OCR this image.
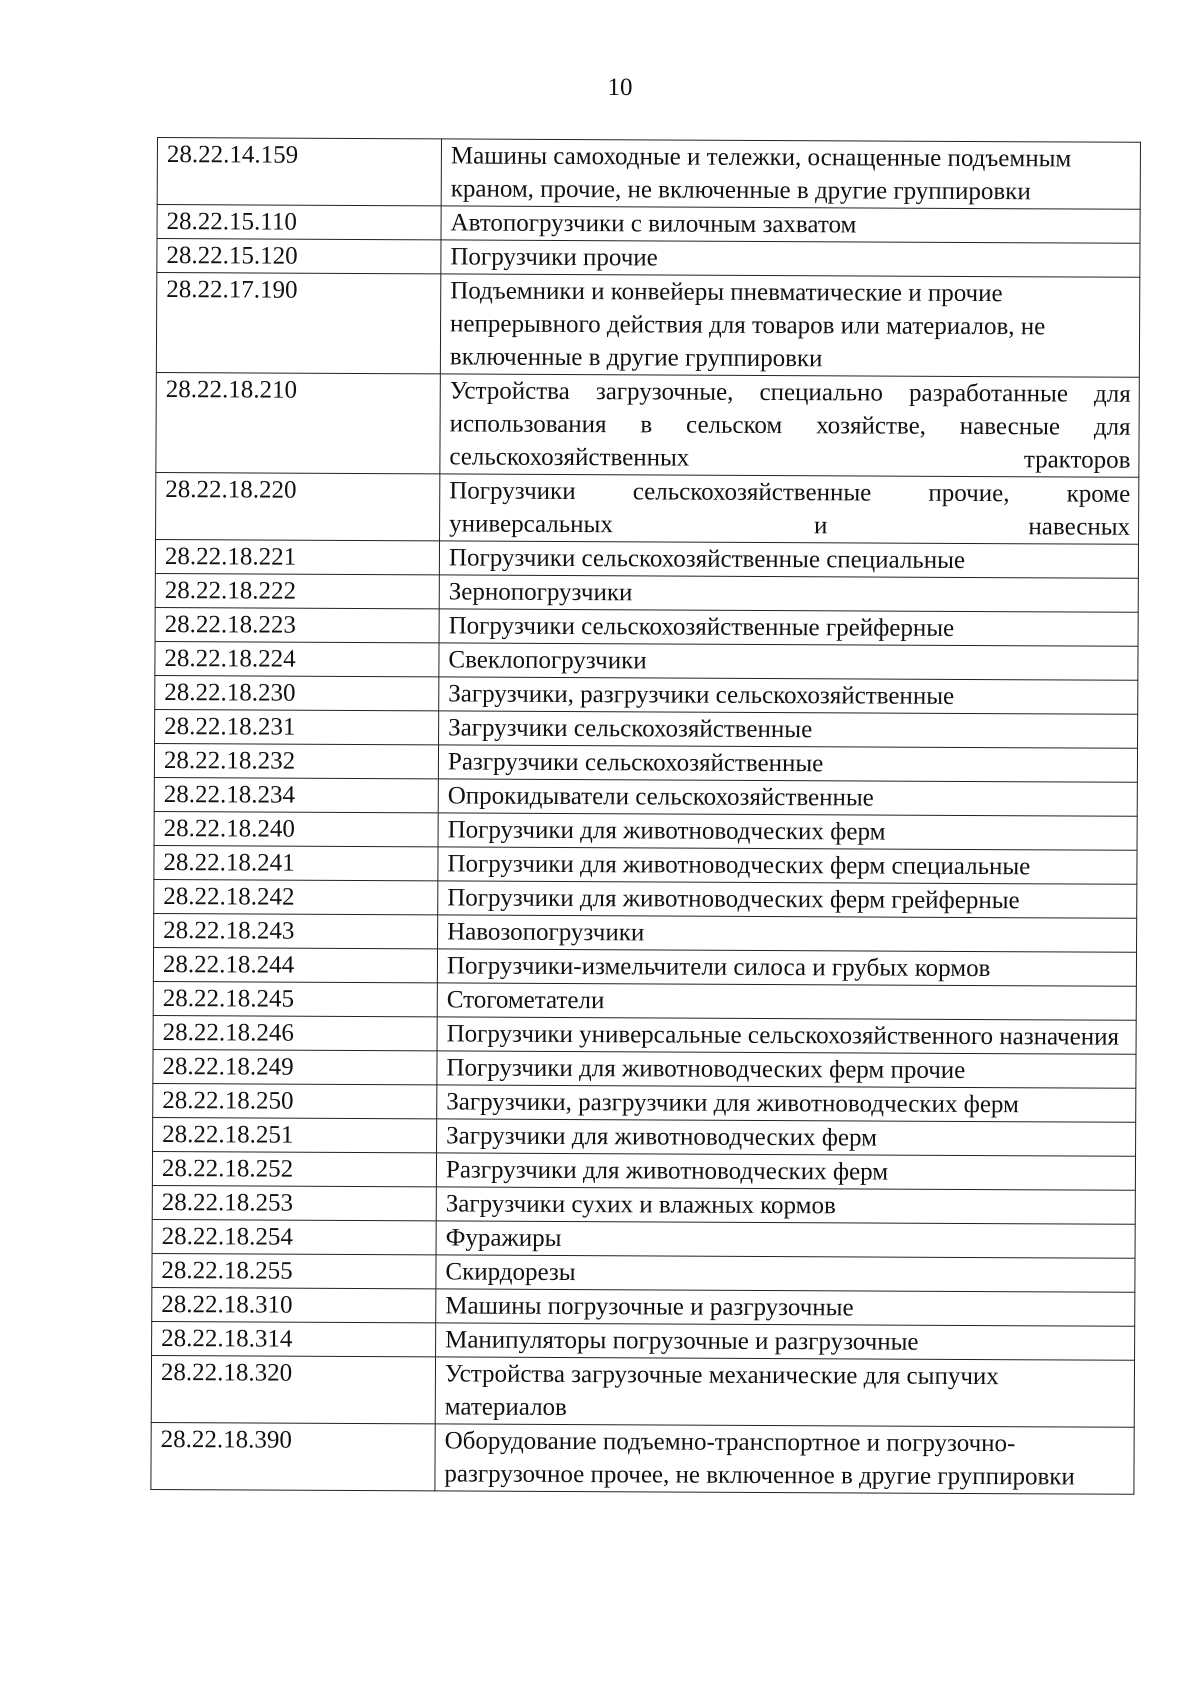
10
28.22.14.159	Машины самоходные и тележки, оснащенные подъемным краном, прочие, не включенные в другие группировки
28.22.15.110	Автопогрузчики с вилочным захватом
28.22.15.120	Погрузчики прочие
28.22.17.190	Подъемники и конвейеры пневматические и прочие непрерывного действия для товаров или материалов, не включенные в другие группировки
28.22.18.210	Устройства загрузочные, специально разработанные для использования в сельском хозяйстве, навесные для сельскохозяйственных тракторов
28.22.18.220	Погрузчики сельскохозяйственные прочие, кроме универсальных и навесных
28.22.18.221	Погрузчики сельскохозяйственные специальные
28.22.18.222	Зернопогрузчики
28.22.18.223	Погрузчики сельскохозяйственные грейферные
28.22.18.224	Свеклопогрузчики
28.22.18.230	Загрузчики, разгрузчики сельскохозяйственные
28.22.18.231	Загрузчики сельскохозяйственные
28.22.18.232	Разгрузчики сельскохозяйственные
28.22.18.234	Опрокидыватели сельскохозяйственные
28.22.18.240	Погрузчики для животноводческих ферм
28.22.18.241	Погрузчики для животноводческих ферм специальные
28.22.18.242	Погрузчики для животноводческих ферм грейферные
28.22.18.243	Навозопогрузчики
28.22.18.244	Погрузчики-измельчители силоса и грубых кормов
28.22.18.245	Стогометатели
28.22.18.246	Погрузчики универсальные сельскохозяйственного назначения
28.22.18.249	Погрузчики для животноводческих ферм прочие
28.22.18.250	Загрузчики, разгрузчики для животноводческих ферм
28.22.18.251	Загрузчики для животноводческих ферм
28.22.18.252	Разгрузчики для животноводческих ферм
28.22.18.253	Загрузчики сухих и влажных кормов
28.22.18.254	Фуражиры
28.22.18.255	Скирдорезы
28.22.18.310	Машины погрузочные и разгрузочные
28.22.18.314	Манипуляторы погрузочные и разгрузочные
28.22.18.320	Устройства загрузочные механические для сыпучих материалов
28.22.18.390	Оборудование подъемно-транспортное и погрузочно-разгрузочное прочее, не включенное в другие группировки
